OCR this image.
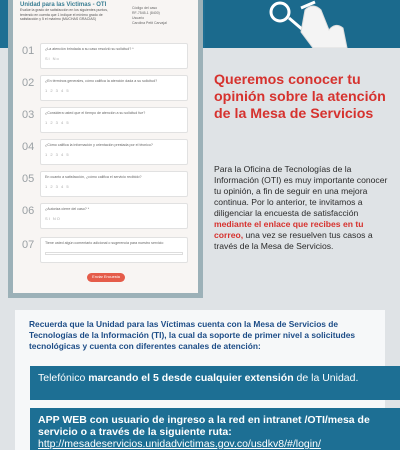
Unidad para las Victimas - OTI
Evalúe la grado de satisfacción en los siguientes puntos, teniendo en cuenta que 1 indique el mínimo grado de satisfacción y 5 el máximo (MUCHAS GRACIAS)
Código del caso
RF-7545-1 (8400)
Usuario
Carolina Petit Carvajal
01	¿La atención brindada a su caso resolvió su solicitud? *
Si No
02	¿En términos generales, cómo califica la atención dada a su solicitud?
1 2 3 4 5
03	¿Considera usted que el tiempo de atención a su solicitud fue?
1 2 3 4 5
04	¿Cómo califica la información y orientación prestada por el técnico?
1 2 3 4 5
05	En cuanto a satisfacción, ¿cómo califica el servicio recibido?
1 2 3 4 5
06	¿Autoriza cierre del caso? *
SI NO
07	Tiene usted algún comentario adicional o sugerencia para nuestro servicio
Enviar Encuesta
Queremos conocer tu opinión sobre la atención de la Mesa de Servicios
Para la Oficina de Tecnologías de la Información (OTI) es muy importante conocer tu opinión, a fin de seguir en una mejora continua. Por lo anterior, te invitamos a diligenciar la encuesta de satisfacción mediante el enlace que recibes en tu correo, una vez se resuelven tus casos a través de la Mesa de Servicios.
Recuerda que la Unidad para las Víctimas cuenta con la Mesa de Servicios de Tecnologías de la Información (TI), la cual da soporte de primer nivel a solicitudes tecnológicas y cuenta con diferentes canales de atención:
Telefónico marcando el 5 desde cualquier extensión de la Unidad.
APP WEB con usuario de ingreso a la red en intranet /OTI/mesa de servicio o a través de la siguiente ruta:
http://mesadeservicios.unidadvictimas.gov.co/usdkv8/#/login/
